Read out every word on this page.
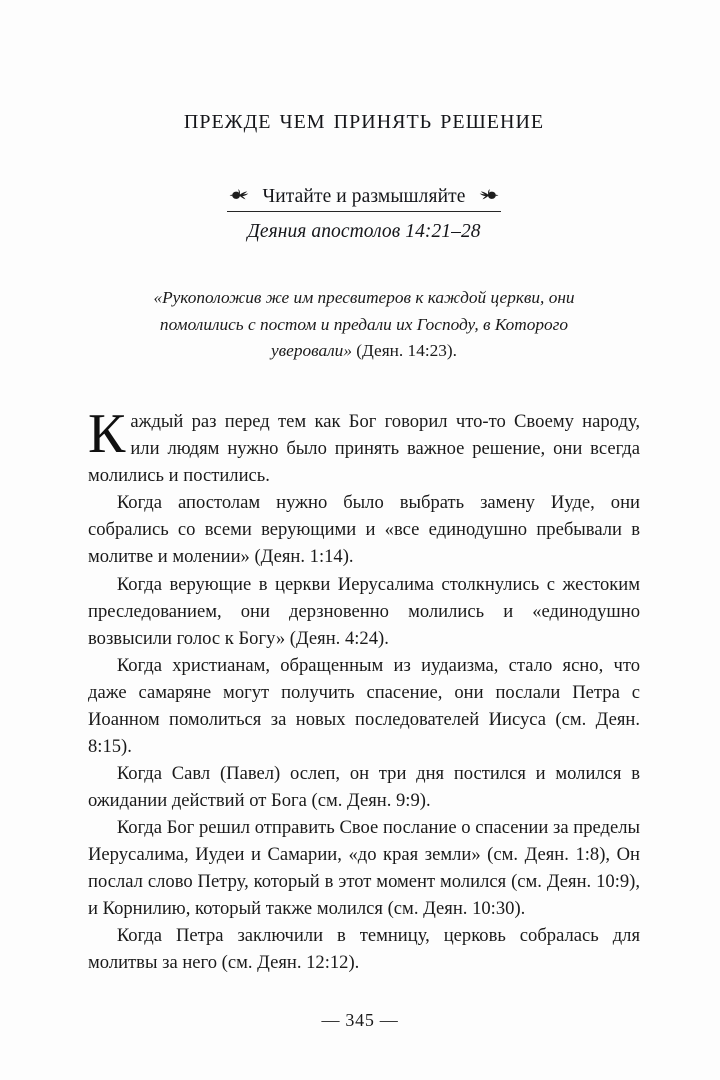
прежде чем принять решение
Читайте и размышляйте

Деяния апостолов 14:21–28

«Рукоположив же им пресвитеров к каждой церкви, они помолились с постом и предали их Господу, в Которого уверовали» (Деян. 14:23).

Каждый раз перед тем как Бог говорил что-то Своему народу, или людям нужно было принять важное решение, они всегда молились и постились.

Когда апостолам нужно было выбрать замену Иуде, они собрались со всеми верующими и «все единодушно пребывали в молитве и молении» (Деян. 1:14).

Когда верующие в церкви Иерусалима столкнулись с жестоким преследованием, они дерзновенно молились и «единодушно возвысили голос к Богу» (Деян. 4:24).

Когда христианам, обращенным из иудаизма, стало ясно, что даже самаряне могут получить спасение, они послали Петра с Иоанном помолиться за новых последователей Иисуса (см. Деян. 8:15).

Когда Савл (Павел) ослеп, он три дня постился и молился в ожидании действий от Бога (см. Деян. 9:9).

Когда Бог решил отправить Свое послание о спасении за пределы Иерусалима, Иудеи и Самарии, «до края земли» (см. Деян. 1:8), Он послал слово Петру, который в этот момент молился (см. Деян. 10:9), и Корнилию, который также молился (см. Деян. 10:30).

Когда Петра заключили в темницу, церковь собралась для молитвы за него (см. Деян. 12:12).

— 345 —
